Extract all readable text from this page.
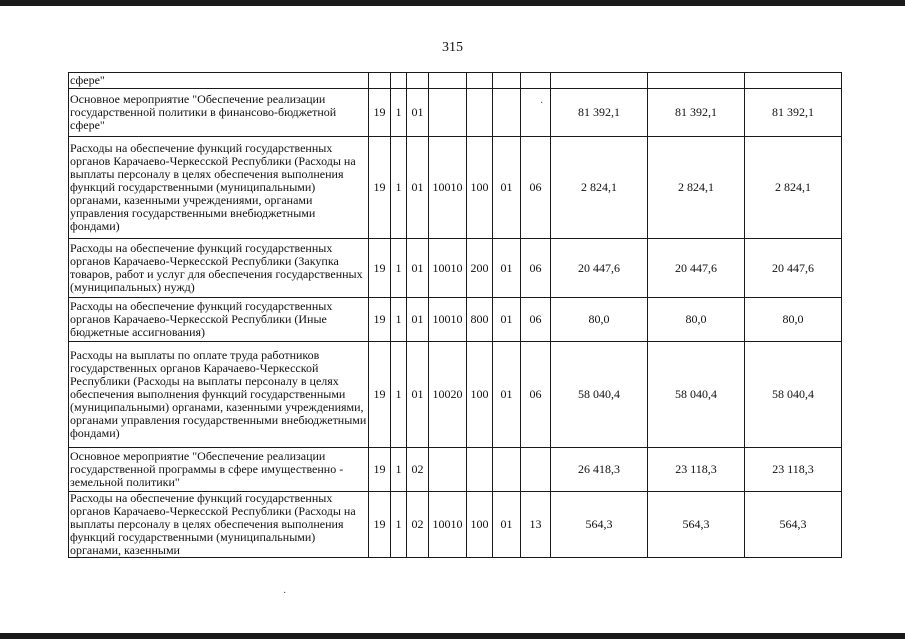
315
сфере"										
Основное мероприятие "Обеспечение реализации государственной политики в финансово-бюджетной сфере"	19	1	01					81 392,1	81 392,1	81 392,1
Расходы на обеспечение функций государственных органов Карачаево-Черкесской Республики (Расходы на выплаты персоналу в целях обеспечения выполнения функций государственными (муниципальными) органами, казенными учреждениями, органами управления государственными внебюджетными фондами)	19	1	01	10010	100	01	06	2 824,1	2 824,1	2 824,1
Расходы на обеспечение функций государственных органов Карачаево-Черкесской Республики (Закупка товаров, работ и услуг для обеспечения государственных (муниципальных) нужд)	19	1	01	10010	200	01	06	20 447,6	20 447,6	20 447,6
Расходы на обеспечение функций государственных органов Карачаево-Черкесской Республики (Иные бюджетные ассигнования)	19	1	01	10010	800	01	06	80,0	80,0	80,0
Расходы на выплаты по оплате труда работников государственных органов Карачаево-Черкесской Республики (Расходы на выплаты персоналу в целях обеспечения выполнения функций государственными (муниципальными) органами, казенными учреждениями, органами управления государственными внебюджетными фондами)	19	1	01	10020	100	01	06	58 040,4	58 040,4	58 040,4
Основное мероприятие "Обеспечение реализации государственной программы в сфере имущественно - земельной политики"	19	1	02					26 418,3	23 118,3	23 118,3
Расходы на обеспечение функций государственных органов Карачаево-Черкесской Республики (Расходы на выплаты персоналу в целях обеспечения выполнения функций государственными (муниципальными) органами, казенными	19	1	02	10010	100	01	13	564,3	564,3	564,3
·
·
